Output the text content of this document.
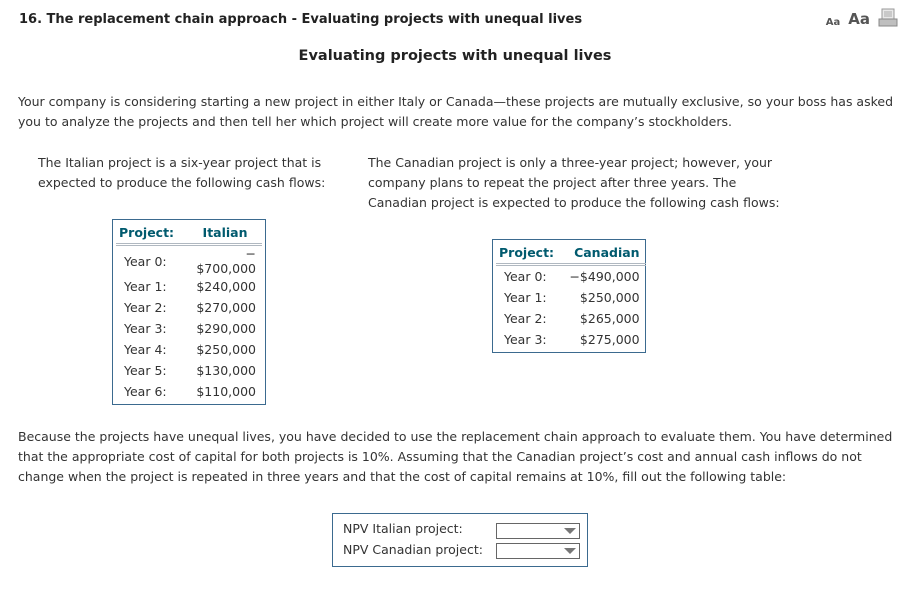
16. The replacement chain approach - Evaluating projects with unequal lives	Aa Aa
Evaluating projects with unequal lives
Your company is considering starting a new project in either Italy or Canada—these projects are mutually exclusive, so your boss has asked you to analyze the projects and then tell her which project will create more value for the company’s stockholders.
The Italian project is a six-year project that is expected to produce the following cash flows:
The Canadian project is only a three-year project; however, your company plans to repeat the project after three years. The Canadian project is expected to produce the following cash flows:
Project:	Italian
Year 0:	−$700,000
Year 1:	$240,000
Year 2:	$270,000
Year 3:	$290,000
Year 4:	$250,000
Year 5:	$130,000
Year 6:	$110,000
Project:	Canadian
Year 0:	−$490,000
Year 1:	$250,000
Year 2:	$265,000
Year 3:	$275,000
Because the projects have unequal lives, you have decided to use the replacement chain approach to evaluate them. You have determined that the appropriate cost of capital for both projects is 10%. Assuming that the Canadian project’s cost and annual cash inflows do not change when the project is repeated in three years and that the cost of capital remains at 10%, fill out the following table:
NPV Italian project:
NPV Canadian project:
